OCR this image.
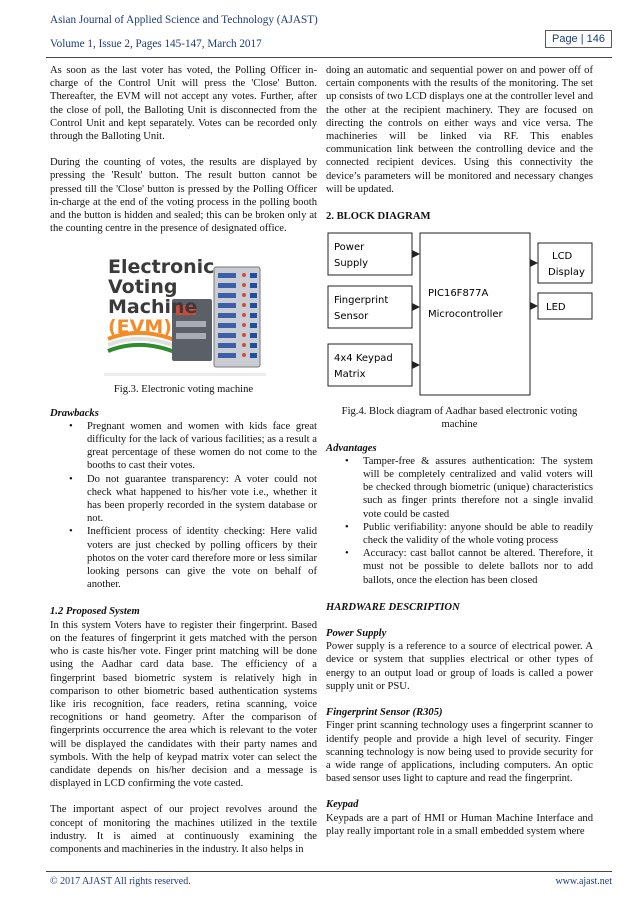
Asian Journal of Applied Science and Technology (AJAST)
Volume 1, Issue 2, Pages 145-147, March 2017	Page | 146

As soon as the last voter has voted, the Polling Officer in-charge of the Control Unit will press the 'Close' Button. Thereafter, the EVM will not accept any votes. Further, after the close of poll, the Balloting Unit is disconnected from the Control Unit and kept separately. Votes can be recorded only through the Balloting Unit.

During the counting of votes, the results are displayed by pressing the 'Result' button. The result button cannot be pressed till the 'Close' button is pressed by the Polling Officer in-charge at the end of the voting process in the polling booth and the button is hidden and sealed; this can be broken only at the counting centre in the presence of designated office.

Electronic
Voting
Machine
(EVM)

Fig.3. Electronic voting machine

Drawbacks

• Pregnant women and women with kids face great difficulty for the lack of various facilities; as a result a great percentage of these women do not come to the booths to cast their votes.
• Do not guarantee transparency: A voter could not check what happened to his/her vote i.e., whether it has been properly recorded in the system database or not.
• Inefficient process of identity checking: Here valid voters are just checked by polling officers by their photos on the voter card therefore more or less similar looking persons can give the vote on behalf of another.

1.2 Proposed System

In this system Voters have to register their fingerprint. Based on the features of fingerprint it gets matched with the person who is caste his/her vote. Finger print matching will be done using the Aadhar card data base. The efficiency of a fingerprint based biometric system is relatively high in comparison to other biometric based authentication systems like iris recognition, face readers, retina scanning, voice recognitions or hand geometry. After the comparison of fingerprints occurrence the area which is relevant to the voter will be displayed the candidates with their party names and symbols. With the help of keypad matrix voter can select the candidate depends on his/her decision and a message is displayed in LCD confirming the vote casted.

The important aspect of our project revolves around the concept of monitoring the machines utilized in the textile industry. It is aimed at continuously examining the components and machineries in the industry. It also helps in

doing an automatic and sequential power on and power off of certain components with the results of the monitoring. The set up consists of two LCD displays one at the controller level and the other at the recipient machinery. They are focused on directing the controls on either ways and vice versa. The machineries will be linked via RF. This enables communication link between the controlling device and the connected recipient devices. Using this connectivity the device’s parameters will be monitored and necessary changes will be updated.

2. BLOCK DIAGRAM

Power
Supply
Fingerprint
Sensor
4x4 Keypad
Matrix
PIC16F877A
Microcontroller
LCD
Display
LED

Fig.4. Block diagram of Aadhar based electronic voting machine

Advantages

• Tamper-free & assures authentication: The system will be completely centralized and valid voters will be checked through biometric (unique) characteristics such as finger prints therefore not a single invalid vote could be casted
• Public verifiability: anyone should be able to readily check the validity of the whole voting process
• Accuracy: cast ballot cannot be altered. Therefore, it must not be possible to delete ballots nor to add ballots, once the election has been closed

HARDWARE DESCRIPTION

Power Supply

Power supply is a reference to a source of electrical power. A device or system that supplies electrical or other types of energy to an output load or group of loads is called a power supply unit or PSU.

Fingerprint Sensor (R305)

Finger print scanning technology uses a fingerprint scanner to identify people and provide a high level of security. Finger scanning technology is now being used to provide security for a wide range of applications, including computers. An optic based sensor uses light to capture and read the fingerprint.

Keypad

Keypads are a part of HMI or Human Machine Interface and play really important role in a small embedded system where

© 2017 AJAST All rights reserved.	www.ajast.net
